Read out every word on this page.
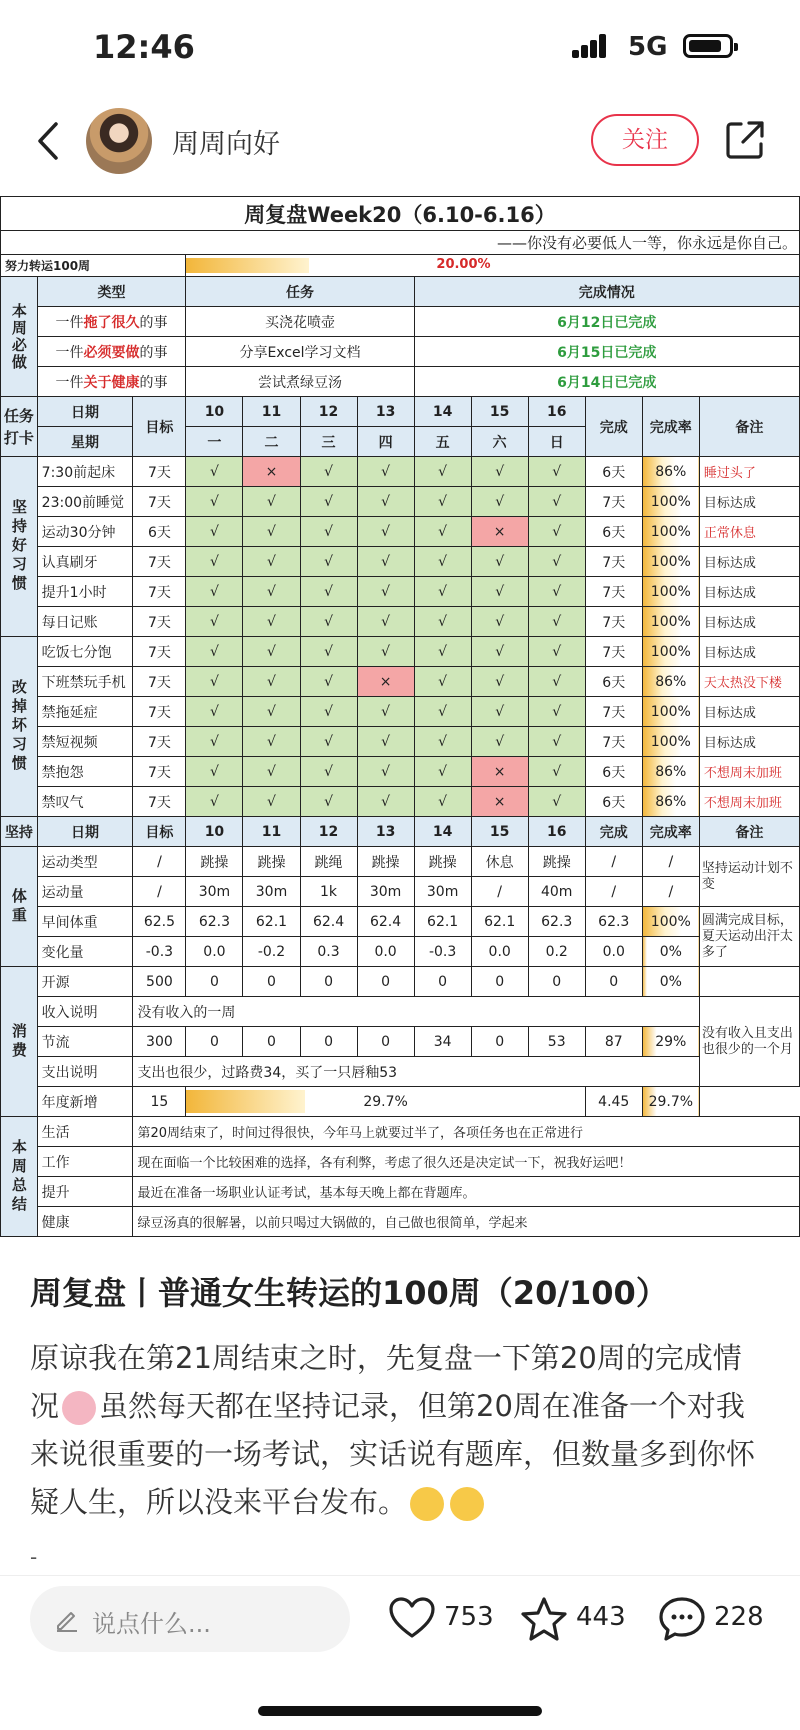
12:46	5G
周周向好	关注
周复盘Week20（6.10-6.16）												
——你没有必要低人一等，你永远是你自己。												
努力转运100周			20.00%									

本周必做	类型		任务				完成情况					
	一件拖了很久的事		买浇花喷壶				6月12日已完成					
	一件必须要做的事		分享Excel学习文档				6月15日已完成					
	一件关于健康的事		尝试煮绿豆汤				6月14日已完成					
任务打卡	日期	目标	10	11	12	13	14	15	16	完成	完成率	备注
	星期		一	二	三	四	五	六	日			
坚持好习惯	7:30前起床	7天	√	×	√	√	√	√	√	6天	86%	睡过头了
	23:00前睡觉	7天	√	√	√	√	√	√	√	7天	100%	目标达成
	运动30分钟	6天	√	√	√	√	√	×	√	6天	100%	正常休息
	认真刷牙	7天	√	√	√	√	√	√	√	7天	100%	目标达成
	提升1小时	7天	√	√	√	√	√	√	√	7天	100%	目标达成
	每日记账	7天	√	√	√	√	√	√	√	7天	100%	目标达成
改掉坏习惯	吃饭七分饱	7天	√	√	√	√	√	√	√	7天	100%	目标达成
	下班禁玩手机	7天	√	√	√	×	√	√	√	6天	86%	天太热没下楼
	禁拖延症	7天	√	√	√	√	√	√	√	7天	100%	目标达成
	禁短视频	7天	√	√	√	√	√	√	√	7天	100%	目标达成
	禁抱怨	7天	√	√	√	√	√	×	√	6天	86%	不想周末加班
	禁叹气	7天	√	√	√	√	√	×	√	6天	86%	不想周末加班
坚持	日期	目标	10	11	12	13	14	15	16	完成	完成率	备注
体重	运动类型	/	跳操	跳操	跳绳	跳操	跳操	休息	跳操	/	/	坚持运动计划不变
	运动量	/	30m	30m	1k	30m	30m	/	40m	/	/	
	早间体重	62.5	62.3	62.1	62.4	62.4	62.1	62.1	62.3	62.3	100%	圆满完成目标，夏天运动出汗太多了
	变化量	-0.3	0.0	-0.2	0.3	0.0	-0.3	0.0	0.2	0.0	0%	
消费	开源	500	0	0	0	0	0	0	0	0	0%	
	收入说明	没有收入的一周										没有收入且支出也很少的一个月
	节流	300	0	0	0	0	34	0	53	87	29%	
	支出说明	支出也很少，过路费34，买了一只唇釉53										
	年度新增	15	29.7%							4.45	29.7%	
本周总结	生活	第20周结束了，时间过得很快，今年马上就要过半了，各项任务也在正常进行										
	工作	现在面临一个比较困难的选择，各有利弊，考虑了很久还是决定试一下，祝我好运吧！										
	提升	最近在准备一场职业认证考试，基本每天晚上都在背题库。										
	健康	绿豆汤真的很解暑，以前只喝过大锅做的，自己做也很简单，学起来										
周复盘丨普通女生转运的100周（20/100）
原谅我在第21周结束之时，先复盘一下第20周的完成情况 虽然每天都在坚持记录，但第20周在准备一个对我来说很重要的一场考试，实话说有题库，但数量多到你怀疑人生，所以没来平台发布。
-
说点什么...	753	443	228
